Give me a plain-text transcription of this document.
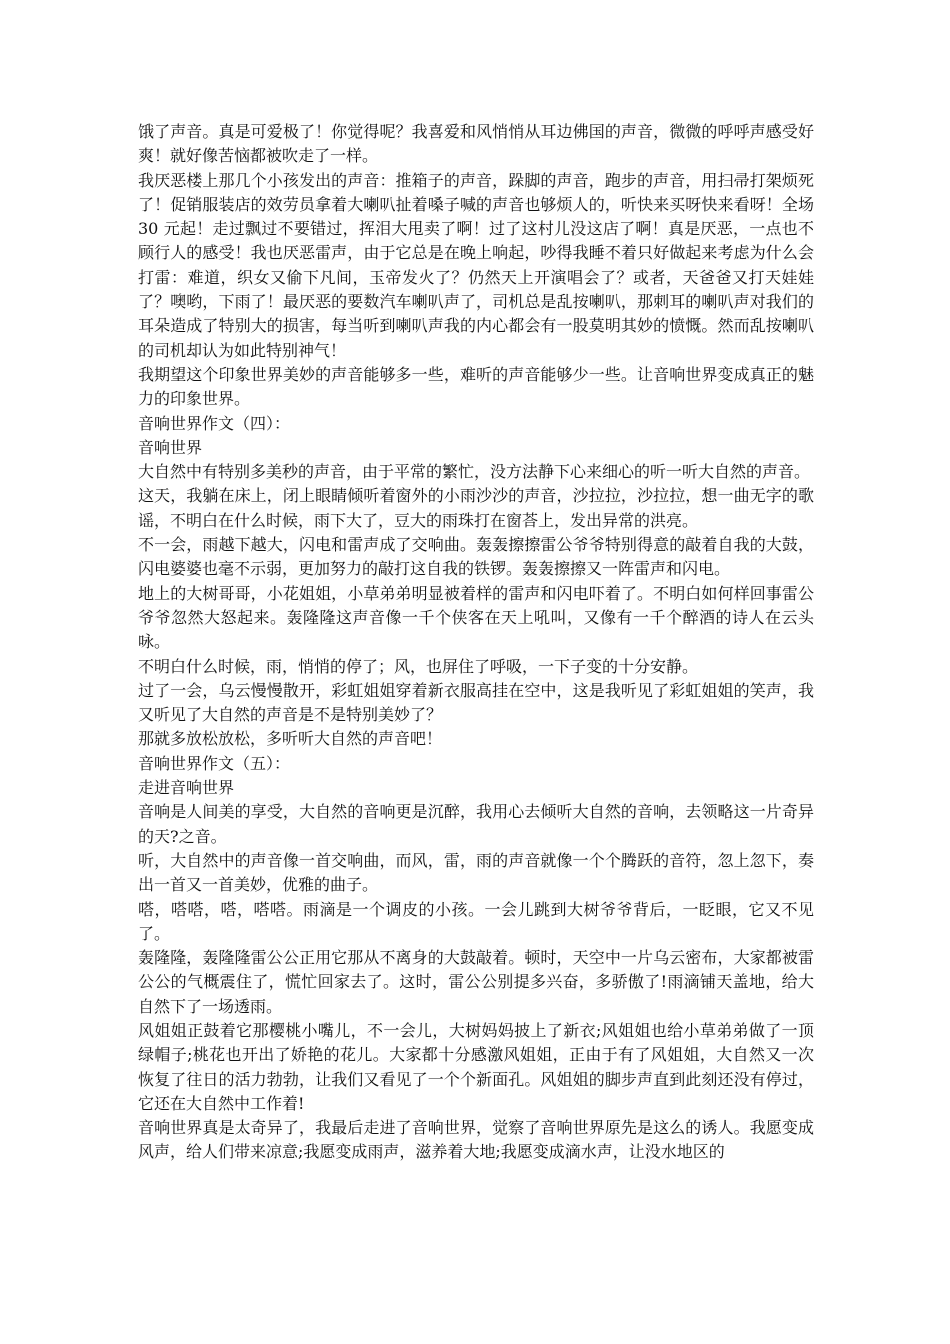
饿了声音。真是可爱极了！你觉得呢？我喜爱和风悄悄从耳边佛国的声音，微微的呼呼声感受好爽！就好像苦恼都被吹走了一样。

我厌恶楼上那几个小孩发出的声音：推箱子的声音，跺脚的声音，跑步的声音，用扫帚打架烦死了！促销服装店的效劳员拿着大喇叭扯着嗓子喊的声音也够烦人的，听快来买呀快来看呀！全场 30 元起！走过飘过不要错过，挥泪大甩卖了啊！过了这村儿没这店了啊！真是厌恶，一点也不顾行人的感受！我也厌恶雷声，由于它总是在晚上响起，吵得我睡不着只好做起来考虑为什么会打雷：难道，织女又偷下凡间，玉帝发火了？仍然天上开演唱会了？或者，天爸爸又打天娃娃了？噢哟，下雨了！最厌恶的要数汽车喇叭声了，司机总是乱按喇叭，那刺耳的喇叭声对我们的耳朵造成了特别大的损害，每当听到喇叭声我的内心都会有一股莫明其妙的愤慨。然而乱按喇叭的司机却认为如此特别神气！

我期望这个印象世界美妙的声音能够多一些，难听的声音能够少一些。让音响世界变成真正的魅力的印象世界。

音响世界作文（四）：

音响世界

大自然中有特别多美秒的声音，由于平常的繁忙，没方法静下心来细心的听一听大自然的声音。

这天，我躺在床上，闭上眼睛倾听着窗外的小雨沙沙的声音，沙拉拉，沙拉拉，想一曲无字的歌谣，不明白在什么时候，雨下大了，豆大的雨珠打在窗荅上，发出异常的洪亮。

不一会，雨越下越大，闪电和雷声成了交响曲。轰轰擦擦雷公爷爷特别得意的敲着自我的大鼓，闪电婆婆也毫不示弱，更加努力的敲打这自我的铁锣。轰轰擦擦又一阵雷声和闪电。

地上的大树哥哥，小花姐姐，小草弟弟明显被着样的雷声和闪电吓着了。不明白如何样回事雷公爷爷忽然大怒起来。轰隆隆这声音像一千个侠客在天上吼叫，又像有一千个醉酒的诗人在云头咏。

不明白什么时候，雨，悄悄的停了；风，也屏住了呼吸，一下子变的十分安静。

过了一会，乌云慢慢散开，彩虹姐姐穿着新衣服高挂在空中，这是我听见了彩虹姐姐的笑声，我又听见了大自然的声音是不是特别美妙了？

那就多放松放松，多听听大自然的声音吧！

音响世界作文（五）：

走进音响世界

音响是人间美的享受，大自然的音响更是沉醉，我用心去倾听大自然的音响，去领略这一片奇异的天?之音。

听，大自然中的声音像一首交响曲，而风，雷，雨的声音就像一个个腾跃的音符，忽上忽下，奏出一首又一首美妙，优雅的曲子。

嗒，嗒嗒，嗒，嗒嗒。雨滴是一个调皮的小孩。一会儿跳到大树爷爷背后，一眨眼，它又不见了。

轰隆隆，轰隆隆雷公公正用它那从不离身的大鼓敲着。顿时，天空中一片乌云密布，大家都被雷公公的气概震住了，慌忙回家去了。这时，雷公公别提多兴奋，多骄傲了!雨滴铺天盖地，给大自然下了一场透雨。

风姐姐正鼓着它那樱桃小嘴儿，不一会儿，大树妈妈披上了新衣;风姐姐也给小草弟弟做了一顶绿帽子;桃花也开出了娇艳的花儿。大家都十分感激风姐姐，正由于有了风姐姐，大自然又一次恢复了往日的活力勃勃，让我们又看见了一个个新面孔。风姐姐的脚步声直到此刻还没有停过，它还在大自然中工作着!

音响世界真是太奇异了，我最后走进了音响世界，觉察了音响世界原先是这么的诱人。我愿变成风声，给人们带来凉意;我愿变成雨声，滋养着大地;我愿变成滴水声，让没水地区的
